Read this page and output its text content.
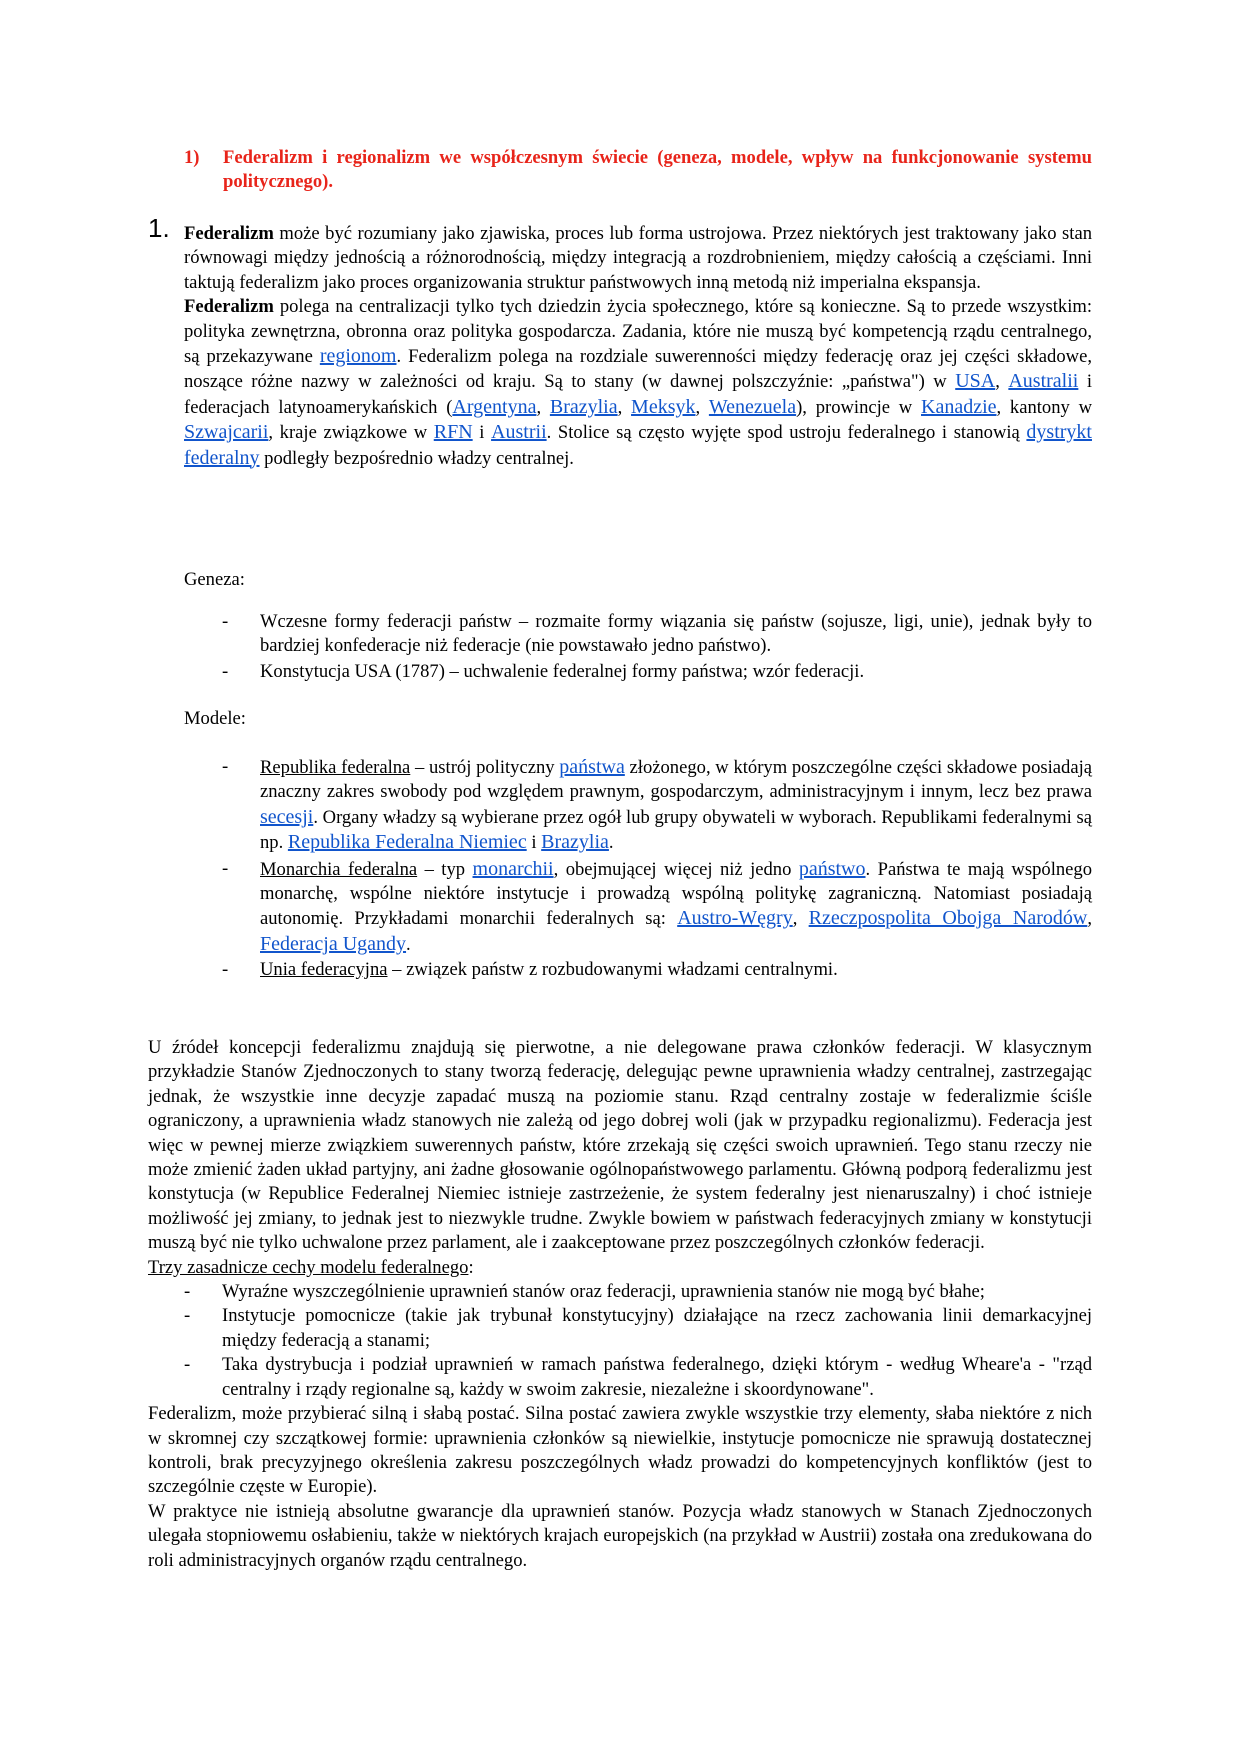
1) Federalizm i regionalizm we współczesnym świecie (geneza, modele, wpływ na funkcjonowanie systemu politycznego).
1. Federalizm może być rozumiany jako zjawiska, proces lub forma ustrojowa. Przez niektórych jest traktowany jako stan równowagi między jednością a różnorodnością, między integracją a rozdrobnieniem, między całością a częściami. Inni taktują federalizm jako proces organizowania struktur państwowych inną metodą niż imperialna ekspansja.
Federalizm polega na centralizacji tylko tych dziedzin życia społecznego, które są konieczne. Są to przede wszystkim: polityka zewnętrzna, obronna oraz polityka gospodarcza. Zadania, które nie muszą być kompetencją rządu centralnego, są przekazywane regionom. Federalizm polega na rozdziale suwerenności między federację oraz jej części składowe, noszące różne nazwy w zależności od kraju. Są to stany (w dawnej polszczyźnie: „państwa") w USA, Australii i federacjach latynoamerykańskich (Argentyna, Brazylia, Meksyk, Wenezuela), prowincje w Kanadzie, kantony w Szwajcarii, kraje związkowe w RFN i Austrii. Stolice są często wyjęte spod ustroju federalnego i stanowią dystrykt federalny podległy bezpośrednio władzy centralnej.
Geneza:
- Wczesne formy federacji państw – rozmaite formy wiązania się państw (sojusze, ligi, unie), jednak były to bardziej konfederacje niż federacje (nie powstawało jedno państwo).
- Konstytucja USA (1787) – uchwalenie federalnej formy państwa; wzór federacji.
Modele:
- Republika federalna – ustrój polityczny państwa złożonego, w którym poszczególne części składowe posiadają znaczny zakres swobody pod względem prawnym, gospodarczym, administracyjnym i innym, lecz bez prawa secesji. Organy władzy są wybierane przez ogół lub grupy obywateli w wyborach. Republikami federalnymi są np. Republika Federalna Niemiec i Brazylia.
- Monarchia federalna – typ monarchii, obejmującej więcej niż jedno państwo. Państwa te mają wspólnego monarchę, wspólne niektóre instytucje i prowadzą wspólną politykę zagraniczną. Natomiast posiadają autonomię. Przykładami monarchii federalnych są: Austro-Węgry, Rzeczpospolita Obojga Narodów, Federacja Ugandy.
- Unia federacyjna – związek państw z rozbudowanymi władzami centralnymi.
U źródeł koncepcji federalizmu znajdują się pierwotne, a nie delegowane prawa członków federacji. W klasycznym przykładzie Stanów Zjednoczonych to stany tworzą federację, delegując pewne uprawnienia władzy centralnej, zastrzegając jednak, że wszystkie inne decyzje zapadać muszą na poziomie stanu. Rząd centralny zostaje w federalizmie ściśle ograniczony, a uprawnienia władz stanowych nie zależą od jego dobrej woli (jak w przypadku regionalizmu). Federacja jest więc w pewnej mierze związkiem suwerennych państw, które zrzekają się części swoich uprawnień. Tego stanu rzeczy nie może zmienić żaden układ partyjny, ani żadne głosowanie ogólnopaństwowego parlamentu. Główną podporą federalizmu jest konstytucja (w Republice Federalnej Niemiec istnieje zastrzeżenie, że system federalny jest nienaruszalny) i choć istnieje możliwość jej zmiany, to jednak jest to niezwykle trudne. Zwykle bowiem w państwach federacyjnych zmiany w konstytucji muszą być nie tylko uchwalone przez parlament, ale i zaakceptowane przez poszczególnych członków federacji.
Trzy zasadnicze cechy modelu federalnego:
- Wyraźne wyszczególnienie uprawnień stanów oraz federacji, uprawnienia stanów nie mogą być błahe;
- Instytucje pomocnicze (takie jak trybunał konstytucyjny) działające na rzecz zachowania linii demarkacyjnej między federacją a stanami;
- Taka dystrybucja i podział uprawnień w ramach państwa federalnego, dzięki którym - według Wheare'a - "rząd centralny i rządy regionalne są, każdy w swoim zakresie, niezależne i skoordynowane".
Federalizm, może przybierać silną i słabą postać. Silna postać zawiera zwykle wszystkie trzy elementy, słaba niektóre z nich w skromnej czy szczątkowej formie: uprawnienia członków są niewielkie, instytucje pomocnicze nie sprawują dostatecznej kontroli, brak precyzyjnego określenia zakresu poszczególnych władz prowadzi do kompetencyjnych konfliktów (jest to szczególnie częste w Europie).
W praktyce nie istnieją absolutne gwarancje dla uprawnień stanów. Pozycja władz stanowych w Stanach Zjednoczonych ulegała stopniowemu osłabieniu, także w niektórych krajach europejskich (na przykład w Austrii) została ona zredukowana do roli administracyjnych organów rządu centralnego.
